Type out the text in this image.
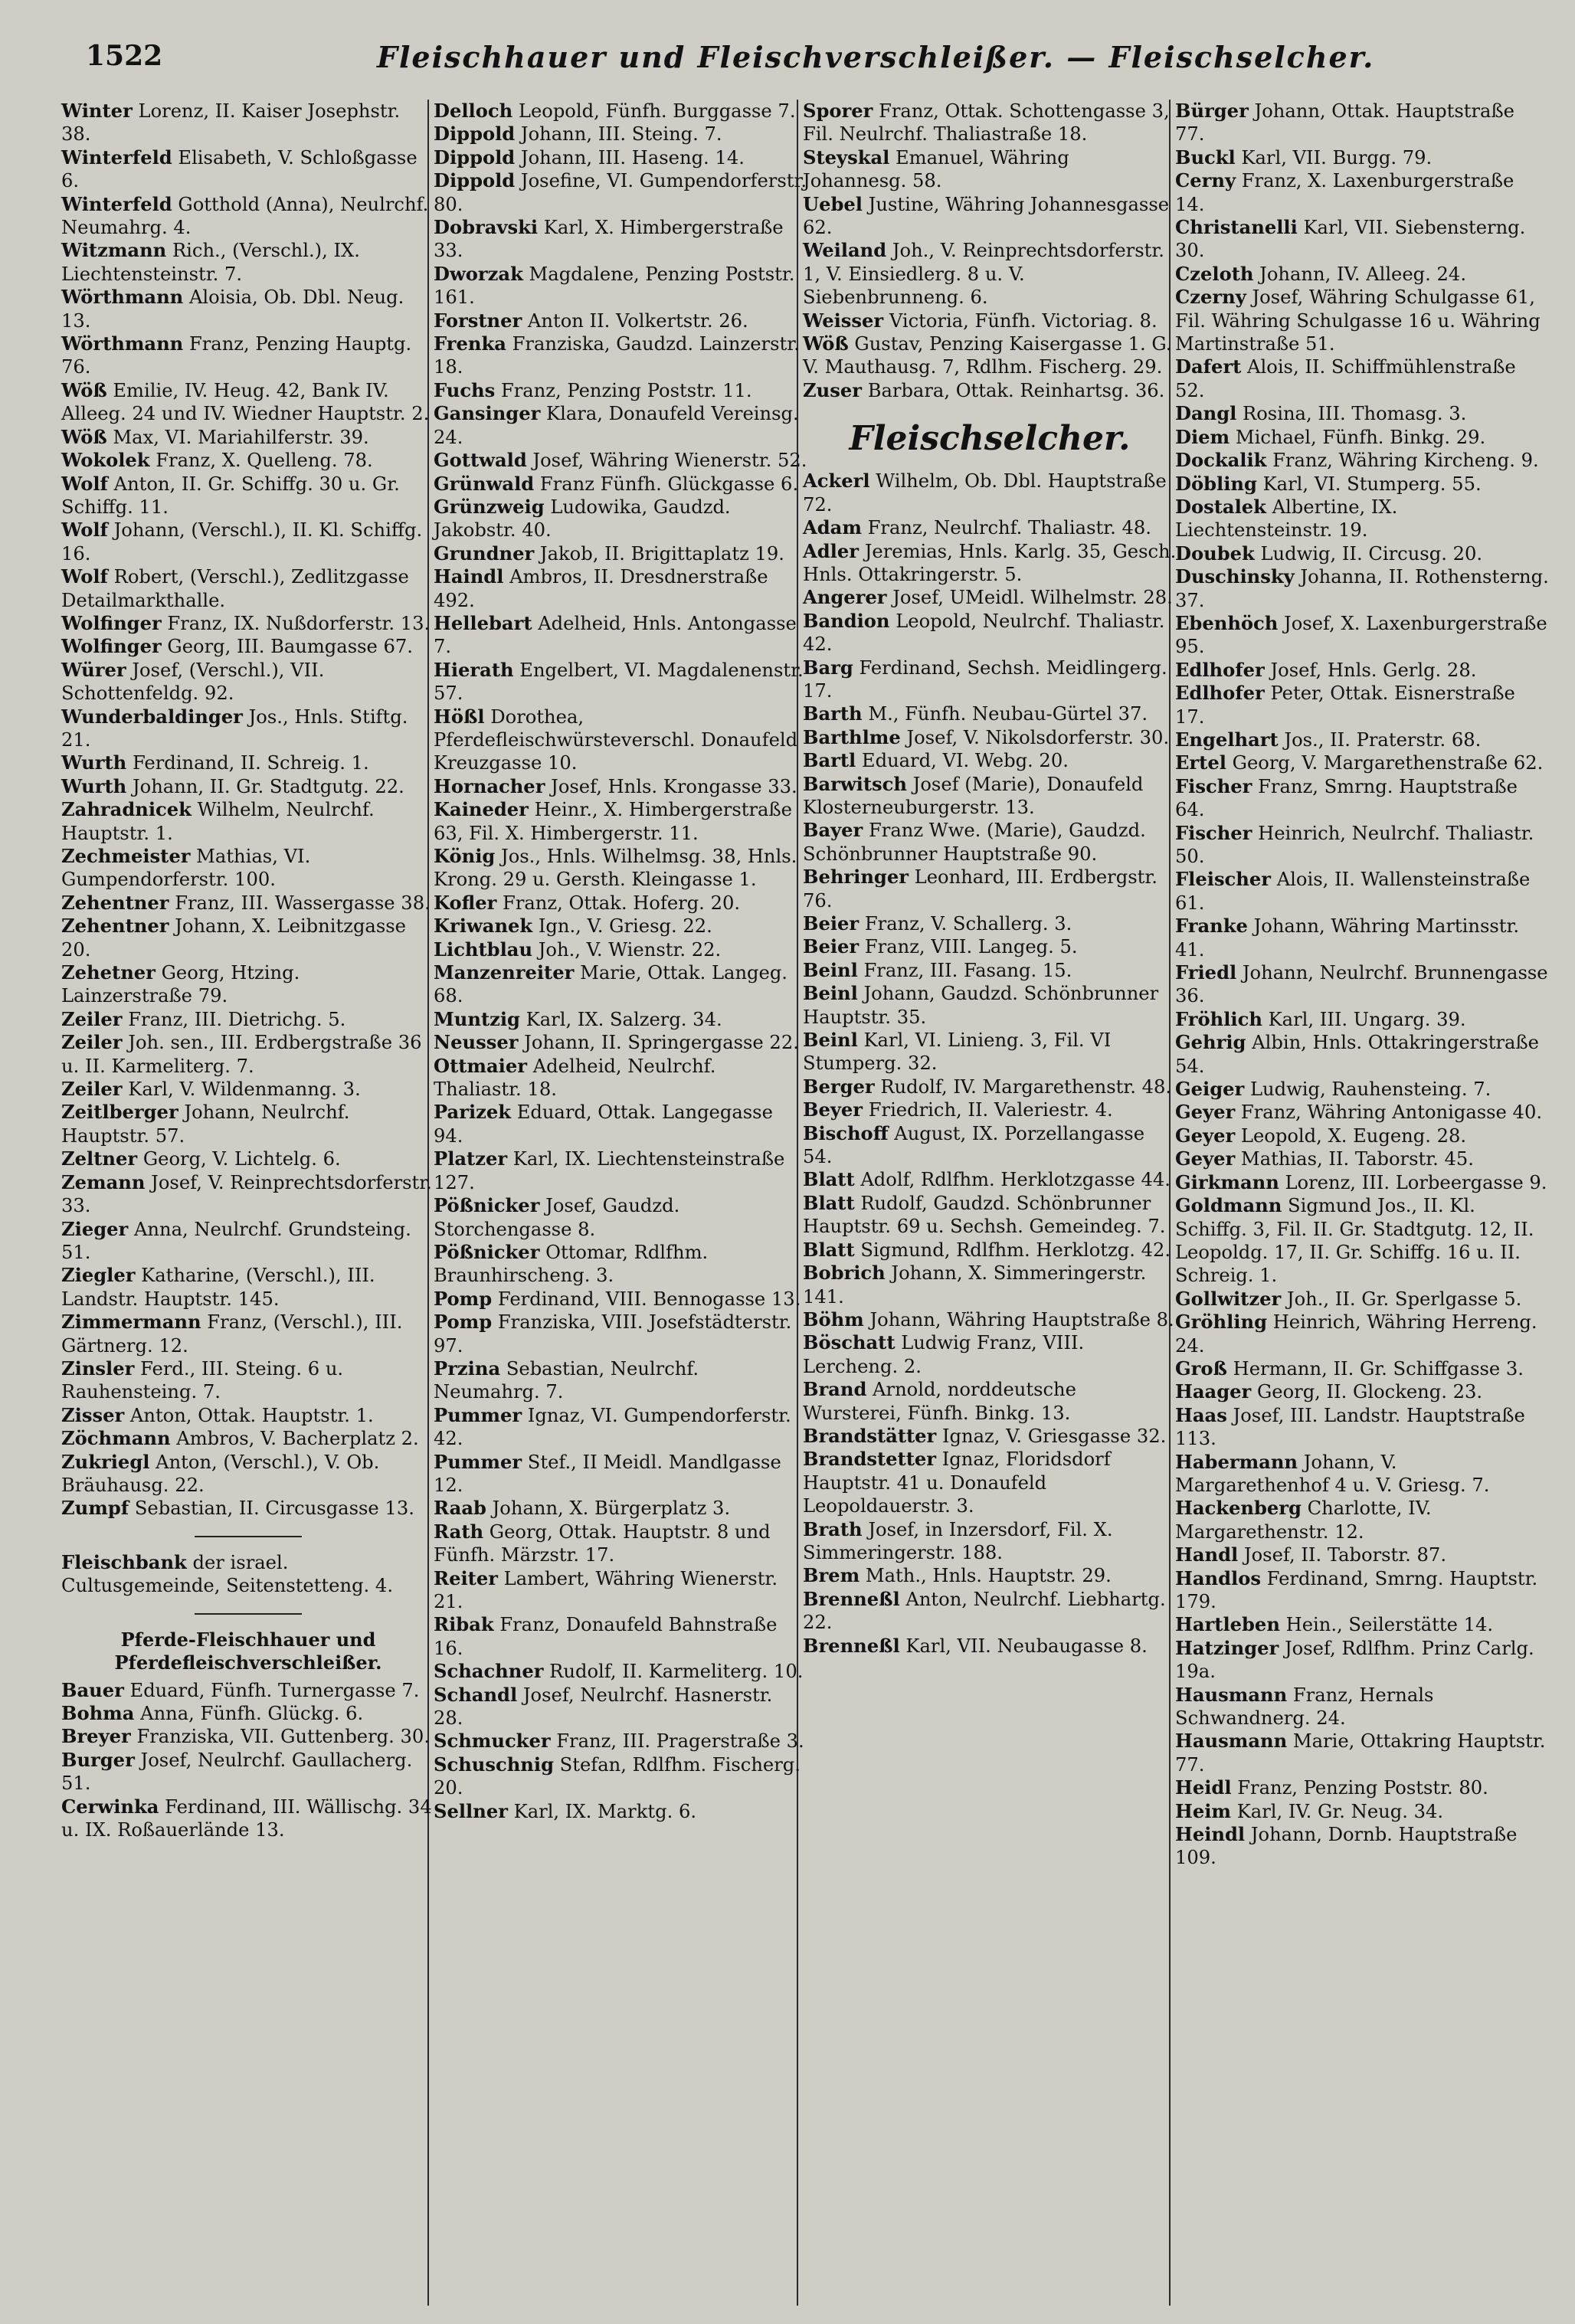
1522	Fleischhauer und Fleischverschleißer. — Fleischselcher.
Winter Lorenz, II. Kaiser Josephstr. 38.
Winterfeld Elisabeth, V. Schloßgasse 6.
Winterfeld Gotthold (Anna), Neulrchf. Neumahrg. 4.
Witzmann Rich., (Verschl.), IX. Liechtensteinstr. 7.
Wörthmann Aloisia, Ob. Dbl. Neug. 13.
Wörthmann Franz, Penzing Hauptg. 76.
Wöß Emilie, IV. Heug. 42, Bank IV. Alleeg. 24 und IV. Wiedner Hauptstr. 2.
Wöß Max, VI. Mariahilferstr. 39.
Wokolek Franz, X. Quelleng. 78.
Wolf Anton, II. Gr. Schiffg. 30 u. Gr. Schiffg. 11.
Wolf Johann, (Verschl.), II. Kl. Schiffg. 16.
Wolf Robert, (Verschl.), Zedlitzgasse Detailmarkthalle.
Wolfinger Franz, IX. Nußdorferstr. 13.
Wolfinger Georg, III. Baumgasse 67.
Würer Josef, (Verschl.), VII. Schottenfeldg. 92.
Wunderbaldinger Jos., Hnls. Stiftg. 21.
Wurth Ferdinand, II. Schreig. 1.
Wurth Johann, II. Gr. Stadtgutg. 22.
Zahradnicek Wilhelm, Neulrchf. Hauptstr. 1.
Zechmeister Mathias, VI. Gumpendorferstr. 100.
Zehentner Franz, III. Wassergasse 38.
Zehentner Johann, X. Leibnitzgasse 20.
Zehetner Georg, Htzing. Lainzerstraße 79.
Zeiler Franz, III. Dietrichg. 5.
Zeiler Joh. sen., III. Erdbergstraße 36 u. II. Karmeliterg. 7.
Zeiler Karl, V. Wildenmanng. 3.
Zeitlberger Johann, Neulrchf. Hauptstr. 57.
Zeltner Georg, V. Lichtelg. 6.
Zemann Josef, V. Reinprechtsdorferstr. 33.
Zieger Anna, Neulrchf. Grundsteing. 51.
Ziegler Katharine, (Verschl.), III. Landstr. Hauptstr. 145.
Zimmermann Franz, (Verschl.), III. Gärtnerg. 12.
Zinsler Ferd., III. Steing. 6 u. Rauhensteing. 7.
Zisser Anton, Ottak. Hauptstr. 1.
Zöchmann Ambros, V. Bacherplatz 2.
Zukriegl Anton, (Verschl.), V. Ob. Bräuhausg. 22.
Zumpf Sebastian, II. Circusgasse 13.
Fleischbank der israel. Cultusgemeinde, Seitenstetteng. 4.
Pferde-Fleischhauer und Pferdefleischverschleißer.
Bauer Eduard, Fünfh. Turnergasse 7.
Bohma Anna, Fünfh. Glückg. 6.
Breyer Franziska, VII. Guttenberg. 30.
Burger Josef, Neulrchf. Gaullacherg. 51.
Cerwinka Ferdinand, III. Wällischg. 34 u. IX. Roßauerlände 13.
Delloch Leopold, Fünfh. Burggasse 7.
Dippold Johann, III. Steing. 7.
Dippold Johann, III. Haseng. 14.
Dippold Josefine, VI. Gumpendorferstr. 80.
Dobravski Karl, X. Himbergerstraße 33.
Dworzak Magdalene, Penzing Poststr. 161.
Forstner Anton II. Volkertstr. 26.
Frenka Franziska, Gaudzd. Lainzerstr. 18.
Fuchs Franz, Penzing Poststr. 11.
Gansinger Klara, Donaufeld Vereinsg. 24.
Gottwald Josef, Währing Wienerstr. 52.
Grünwald Franz Fünfh. Glückgasse 6.
Grünzweig Ludowika, Gaudzd. Jakobstr. 40.
Grundner Jakob, II. Brigittaplatz 19.
Haindl Ambros, II. Dresdnerstraße 492.
Hellebart Adelheid, Hnls. Antongasse 7.
Hierath Engelbert, VI. Magdalenenstr. 57.
Hößl Dorothea, Pferdefleischwürsteverschl. Donaufeld Kreuzgasse 10.
Hornacher Josef, Hnls. Krongasse 33.
Kaineder Heinr., X. Himbergerstraße 63, Fil. X. Himbergerstr. 11.
König Jos., Hnls. Wilhelmsg. 38, Hnls. Krong. 29 u. Gersth. Kleingasse 1.
Kofler Franz, Ottak. Hoferg. 20.
Kriwanek Ign., V. Griesg. 22.
Lichtblau Joh., V. Wienstr. 22.
Manzenreiter Marie, Ottak. Langeg. 68.
Muntzig Karl, IX. Salzerg. 34.
Neusser Johann, II. Springergasse 22.
Ottmaier Adelheid, Neulrchf. Thaliastr. 18.
Parizek Eduard, Ottak. Langegasse 94.
Platzer Karl, IX. Liechtensteinstraße 127.
Pößnicker Josef, Gaudzd. Storchengasse 8.
Pößnicker Ottomar, Rdlfhm. Braunhirscheng. 3.
Pomp Ferdinand, VIII. Bennogasse 13.
Pomp Franziska, VIII. Josefstädterstr. 97.
Przina Sebastian, Neulrchf. Neumahrg. 7.
Pummer Ignaz, VI. Gumpendorferstr. 42.
Pummer Stef., II Meidl. Mandlgasse 12.
Raab Johann, X. Bürgerplatz 3.
Rath Georg, Ottak. Hauptstr. 8 und Fünfh. Märzstr. 17.
Reiter Lambert, Währing Wienerstr. 21.
Ribak Franz, Donaufeld Bahnstraße 16.
Schachner Rudolf, II. Karmeliterg. 10.
Schandl Josef, Neulrchf. Hasnerstr. 28.
Schmucker Franz, III. Pragerstraße 3.
Schuschnig Stefan, Rdlfhm. Fischerg. 20.
Sellner Karl, IX. Marktg. 6.
Sporer Franz, Ottak. Schottengasse 3, Fil. Neulrchf. Thaliastraße 18.
Steyskal Emanuel, Währing Johannesg. 58.
Uebel Justine, Währing Johannesgasse 62.
Weiland Joh., V. Reinprechtsdorferstr. 1, V. Einsiedlerg. 8 u. V. Siebenbrunneng. 6.
Weisser Victoria, Fünfh. Victoriag. 8.
Wöß Gustav, Penzing Kaisergasse 1. G. V. Mauthausg. 7, Rdlhm. Fischerg. 29.
Zuser Barbara, Ottak. Reinhartsg. 36.
Fleischselcher.
Ackerl Wilhelm, Ob. Dbl. Hauptstraße 72.
Adam Franz, Neulrchf. Thaliastr. 48.
Adler Jeremias, Hnls. Karlg. 35, Gesch. Hnls. Ottakringerstr. 5.
Angerer Josef, UMeidl. Wilhelmstr. 28.
Bandion Leopold, Neulrchf. Thaliastr. 42.
Barg Ferdinand, Sechsh. Meidlingerg. 17.
Barth M., Fünfh. Neubau-Gürtel 37.
Barthlme Josef, V. Nikolsdorferstr. 30.
Bartl Eduard, VI. Webg. 20.
Barwitsch Josef (Marie), Donaufeld Klosterneuburgerstr. 13.
Bayer Franz Wwe. (Marie), Gaudzd. Schönbrunner Hauptstraße 90.
Behringer Leonhard, III. Erdbergstr. 76.
Beier Franz, V. Schallerg. 3.
Beier Franz, VIII. Langeg. 5.
Beinl Franz, III. Fasang. 15.
Beinl Johann, Gaudzd. Schönbrunner Hauptstr. 35.
Beinl Karl, VI. Linieng. 3, Fil. VI Stumperg. 32.
Berger Rudolf, IV. Margarethenstr. 48.
Beyer Friedrich, II. Valeriestr. 4.
Bischoff August, IX. Porzellangasse 54.
Blatt Adolf, Rdlfhm. Herklotzgasse 44.
Blatt Rudolf, Gaudzd. Schönbrunner Hauptstr. 69 u. Sechsh. Gemeindeg. 7.
Blatt Sigmund, Rdlfhm. Herklotzg. 42.
Bobrich Johann, X. Simmeringerstr. 141.
Böhm Johann, Währing Hauptstraße 8.
Böschatt Ludwig Franz, VIII. Lercheng. 2.
Brand Arnold, norddeutsche Wursterei, Fünfh. Binkg. 13.
Brandstätter Ignaz, V. Griesgasse 32.
Brandstetter Ignaz, Floridsdorf Hauptstr. 41 u. Donaufeld Leopoldauerstr. 3.
Brath Josef, in Inzersdorf, Fil. X. Simmeringerstr. 188.
Brem Math., Hnls. Hauptstr. 29.
Brenneßl Anton, Neulrchf. Liebhartg. 22.
Brenneßl Karl, VII. Neubaugasse 8.
Bürger Johann, Ottak. Hauptstraße 77.
Buckl Karl, VII. Burgg. 79.
Cerny Franz, X. Laxenburgerstraße 14.
Christanelli Karl, VII. Siebensterng. 30.
Czeloth Johann, IV. Alleeg. 24.
Czerny Josef, Währing Schulgasse 61, Fil. Währing Schulgasse 16 u. Währing Martinstraße 51.
Dafert Alois, II. Schiffmühlenstraße 52.
Dangl Rosina, III. Thomasg. 3.
Diem Michael, Fünfh. Binkg. 29.
Dockalik Franz, Währing Kircheng. 9.
Döbling Karl, VI. Stumperg. 55.
Dostalek Albertine, IX. Liechtensteinstr. 19.
Doubek Ludwig, II. Circusg. 20.
Duschinsky Johanna, II. Rothensterng. 37.
Ebenhöch Josef, X. Laxenburgerstraße 95.
Edlhofer Josef, Hnls. Gerlg. 28.
Edlhofer Peter, Ottak. Eisnerstraße 17.
Engelhart Jos., II. Praterstr. 68.
Ertel Georg, V. Margarethenstraße 62.
Fischer Franz, Smrng. Hauptstraße 64.
Fischer Heinrich, Neulrchf. Thaliastr. 50.
Fleischer Alois, II. Wallensteinstraße 61.
Franke Johann, Währing Martinsstr. 41.
Friedl Johann, Neulrchf. Brunnengasse 36.
Fröhlich Karl, III. Ungarg. 39.
Gehrig Albin, Hnls. Ottakringerstraße 54.
Geiger Ludwig, Rauhensteing. 7.
Geyer Franz, Währing Antonigasse 40.
Geyer Leopold, X. Eugeng. 28.
Geyer Mathias, II. Taborstr. 45.
Girkmann Lorenz, III. Lorbeergasse 9.
Goldmann Sigmund Jos., II. Kl. Schiffg. 3, Fil. II. Gr. Stadtgutg. 12, II. Leopoldg. 17, II. Gr. Schiffg. 16 u. II. Schreig. 1.
Gollwitzer Joh., II. Gr. Sperlgasse 5.
Gröhling Heinrich, Währing Herreng. 24.
Groß Hermann, II. Gr. Schiffgasse 3.
Haager Georg, II. Glockeng. 23.
Haas Josef, III. Landstr. Hauptstraße 113.
Habermann Johann, V. Margarethenhof 4 u. V. Griesg. 7.
Hackenberg Charlotte, IV. Margarethenstr. 12.
Handl Josef, II. Taborstr. 87.
Handlos Ferdinand, Smrng. Hauptstr. 179.
Hartleben Hein., Seilerstätte 14.
Hatzinger Josef, Rdlfhm. Prinz Carlg. 19a.
Hausmann Franz, Hernals Schwandnerg. 24.
Hausmann Marie, Ottakring Hauptstr. 77.
Heidl Franz, Penzing Poststr. 80.
Heim Karl, IV. Gr. Neug. 34.
Heindl Johann, Dornb. Hauptstraße 109.
